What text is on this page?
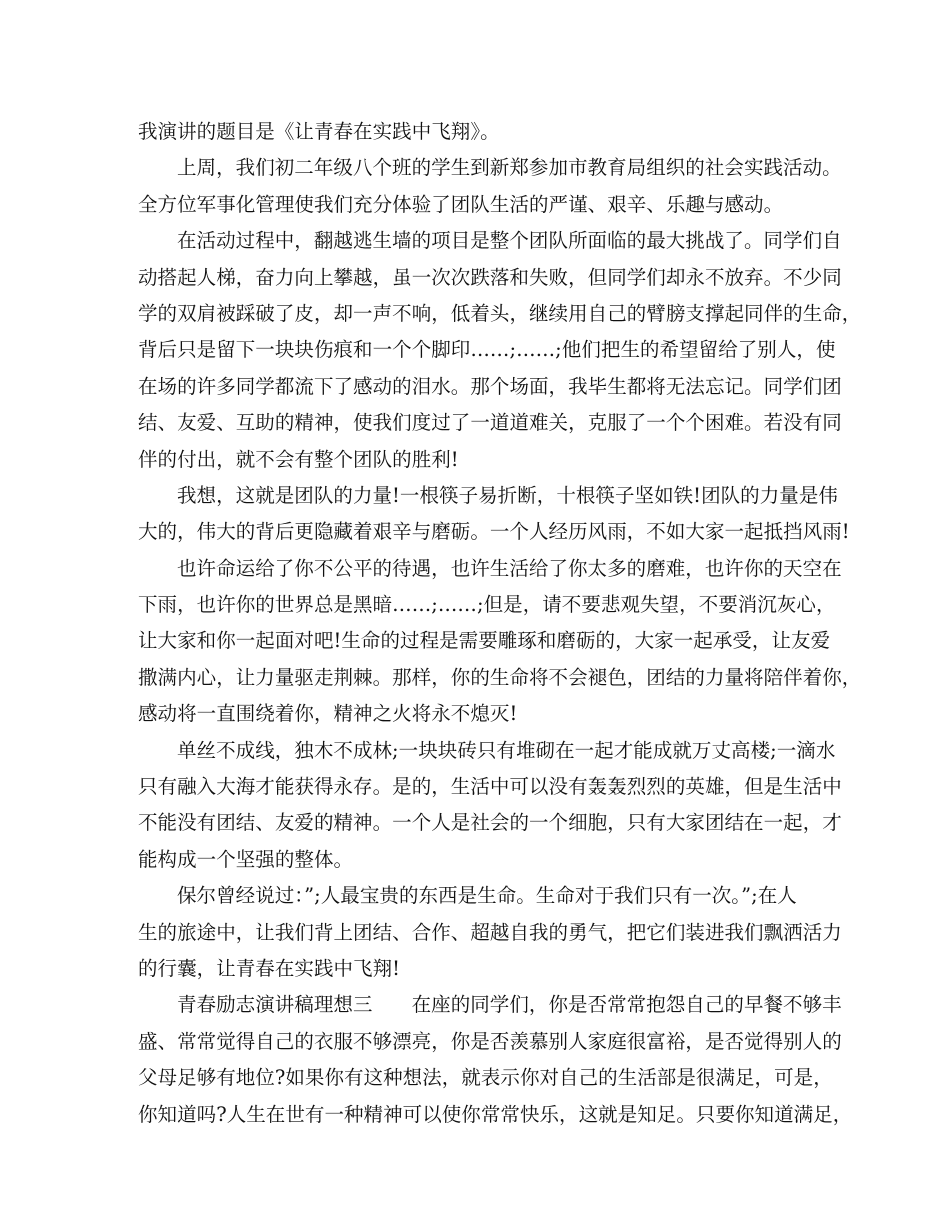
我演讲的题目是《让青春在实践中飞翔》。
上周，我们初二年级八个班的学生到新郑参加市教育局组织的社会实践活动。
全方位军事化管理使我们充分体验了团队生活的严谨、艰辛、乐趣与感动。
在活动过程中，翻越逃生墙的项目是整个团队所面临的最大挑战了。同学们自
动搭起人梯，奋力向上攀越，虽一次次跌落和失败，但同学们却永不放弃。不少同
学的双肩被踩破了皮，却一声不响，低着头，继续用自己的臂膀支撑起同伴的生命，
背后只是留下一块块伤痕和一个个脚印……;……;他们把生的希望留给了别人，使
在场的许多同学都流下了感动的泪水。那个场面，我毕生都将无法忘记。同学们团
结、友爱、互助的精神，使我们度过了一道道难关，克服了一个个困难。若没有同
伴的付出，就不会有整个团队的胜利!
我想，这就是团队的力量!一根筷子易折断，十根筷子坚如铁!团队的力量是伟
大的，伟大的背后更隐藏着艰辛与磨砺。一个人经历风雨，不如大家一起抵挡风雨!
也许命运给了你不公平的待遇，也许生活给了你太多的磨难，也许你的天空在
下雨，也许你的世界总是黑暗……;……;但是，请不要悲观失望，不要消沉灰心，
让大家和你一起面对吧!生命的过程是需要雕琢和磨砺的，大家一起承受，让友爱
撒满内心，让力量驱走荆棘。那样，你的生命将不会褪色，团结的力量将陪伴着你，
感动将一直围绕着你，精神之火将永不熄灭!
单丝不成线，独木不成林;一块块砖只有堆砌在一起才能成就万丈高楼;一滴水
只有融入大海才能获得永存。是的，生活中可以没有轰轰烈烈的英雄，但是生活中
不能没有团结、友爱的精神。一个人是社会的一个细胞，只有大家团结在一起，才
能构成一个坚强的整体。
保尔曾经说过：”;人最宝贵的东西是生命。生命对于我们只有一次。”;在人
生的旅途中，让我们背上团结、合作、超越自我的勇气，把它们装进我们飘洒活力
的行囊，让青春在实践中飞翔!
青春励志演讲稿理想三　　在座的同学们，你是否常常抱怨自己的早餐不够丰
盛、常常觉得自己的衣服不够漂亮，你是否羡慕别人家庭很富裕，是否觉得别人的
父母足够有地位?如果你有这种想法，就表示你对自己的生活部是很满足，可是，
你知道吗?人生在世有一种精神可以使你常常快乐，这就是知足。只要你知道满足，
